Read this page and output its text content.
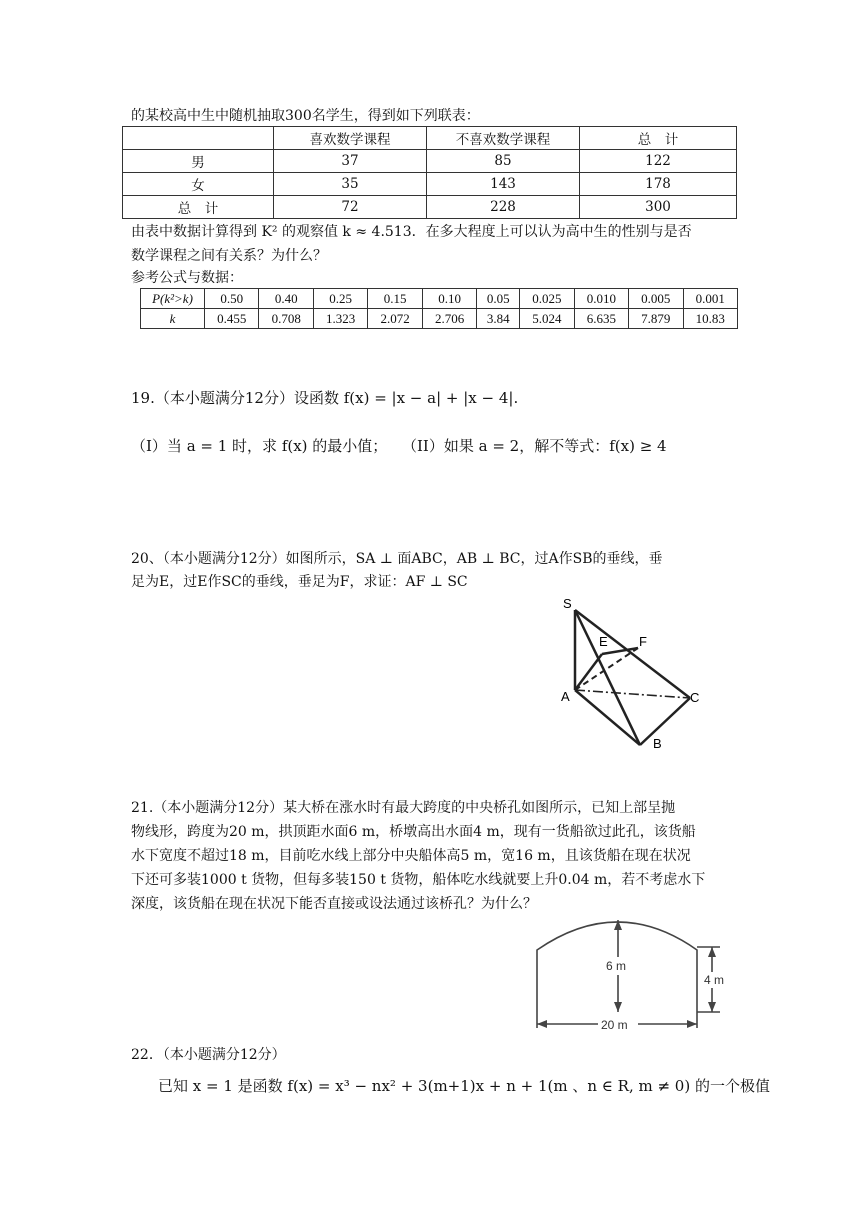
的某校高中生中随机抽取300名学生，得到如下列联表：
	喜欢数学课程	不喜欢数学课程	总　计
男	37	85	122
女	35	143	178
总　计	72	228	300
由表中数据计算得到 K² 的观察值 k ≈ 4.513．在多大程度上可以认为高中生的性别与是否
数学课程之间有关系？为什么？
参考公式与数据：
P(k²>k)	0.50	0.40	0.25	0.15	0.10	0.05	0.025	0.010	0.005	0.001
k	0.455	0.708	1.323	2.072	2.706	3.84	5.024	6.635	7.879	10.83
19.（本小题满分12分）设函数 f(x) = |x − a| + |x − 4|.
（I）当 a = 1 时，求 f(x) 的最小值； （II）如果 a = 2，解不等式：f(x) ≥ 4
20、（本小题满分12分）如图所示，SA ⊥ 面ABC，AB ⊥ BC，过A作SB的垂线，垂
足为E，过E作SC的垂线，垂足为F，求证：AF ⊥ SC
S
E F
A
B
C
21.（本小题满分12分）某大桥在涨水时有最大跨度的中央桥孔如图所示，已知上部呈抛
物线形，跨度为20 m，拱顶距水面6 m，桥墩高出水面4 m，现有一货船欲过此孔，该货船
水下宽度不超过18 m，目前吃水线上部分中央船体高5 m，宽16 m，且该货船在现在状况
下还可多装1000 t 货物，但每多装150 t 货物，船体吃水线就要上升0.04 m，若不考虑水下
深度，该货船在现在状况下能否直接或设法通过该桥孔？为什么？
6 m
4 m
20 m
22．（本小题满分12分）
已知 x = 1 是函数 f(x) = x³ − nx² + 3(m+1)x + n + 1(m 、n ∈ R, m ≠ 0) 的一个极值
